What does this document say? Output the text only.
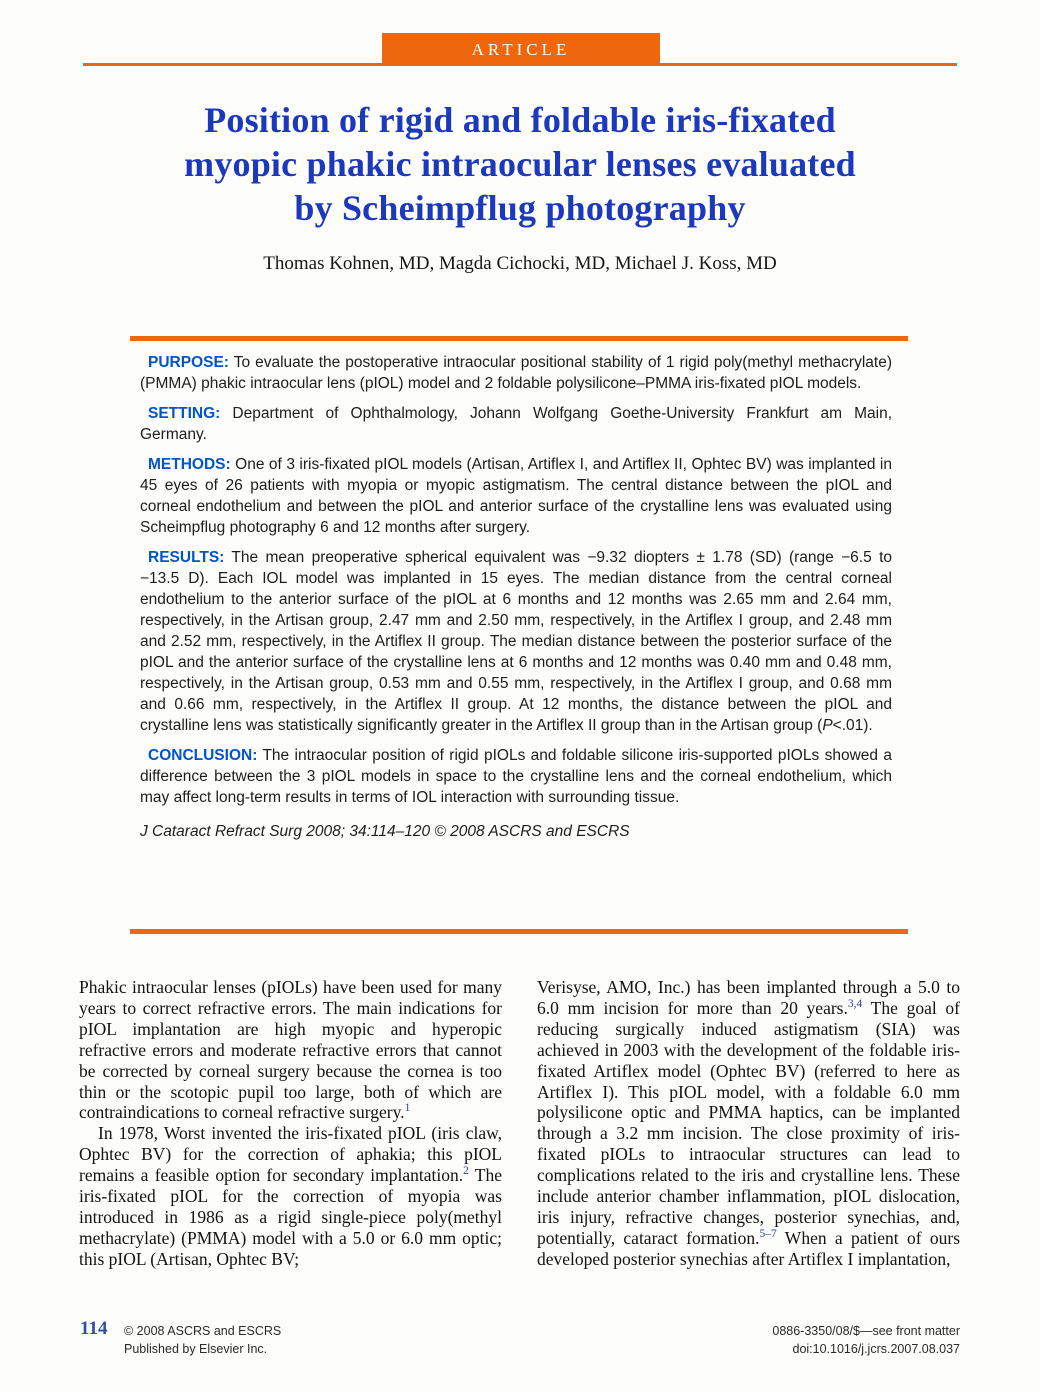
ARTICLE
Position of rigid and foldable iris-fixated
myopic phakic intraocular lenses evaluated
by Scheimpflug photography
Thomas Kohnen, MD, Magda Cichocki, MD, Michael J. Koss, MD

PURPOSE: To evaluate the postoperative intraocular positional stability of 1 rigid poly(methyl methacrylate) (PMMA) phakic intraocular lens (pIOL) model and 2 foldable polysilicone–PMMA iris-fixated pIOL models.

SETTING: Department of Ophthalmology, Johann Wolfgang Goethe-University Frankfurt am Main, Germany.

METHODS: One of 3 iris-fixated pIOL models (Artisan, Artiflex I, and Artiflex II, Ophtec BV) was implanted in 45 eyes of 26 patients with myopia or myopic astigmatism. The central distance between the pIOL and corneal endothelium and between the pIOL and anterior surface of the crystalline lens was evaluated using Scheimpflug photography 6 and 12 months after surgery.

RESULTS: The mean preoperative spherical equivalent was −9.32 diopters ± 1.78 (SD) (range −6.5 to −13.5 D). Each IOL model was implanted in 15 eyes. The median distance from the central corneal endothelium to the anterior surface of the pIOL at 6 months and 12 months was 2.65 mm and 2.64 mm, respectively, in the Artisan group, 2.47 mm and 2.50 mm, respectively, in the Artiflex I group, and 2.48 mm and 2.52 mm, respectively, in the Artiflex II group. The median distance between the posterior surface of the pIOL and the anterior surface of the crystalline lens at 6 months and 12 months was 0.40 mm and 0.48 mm, respectively, in the Artisan group, 0.53 mm and 0.55 mm, respectively, in the Artiflex I group, and 0.68 mm and 0.66 mm, respectively, in the Artiflex II group. At 12 months, the distance between the pIOL and crystalline lens was statistically significantly greater in the Artiflex II group than in the Artisan group (P<.01).

CONCLUSION: The intraocular position of rigid pIOLs and foldable silicone iris-supported pIOLs showed a difference between the 3 pIOL models in space to the crystalline lens and the corneal endothelium, which may affect long-term results in terms of IOL interaction with surrounding tissue.

J Cataract Refract Surg 2008; 34:114–120 © 2008 ASCRS and ESCRS

Phakic intraocular lenses (pIOLs) have been used for many years to correct refractive errors. The main indications for pIOL implantation are high myopic and hyperopic refractive errors and moderate refractive errors that cannot be corrected by corneal surgery because the cornea is too thin or the scotopic pupil too large, both of which are contraindications to corneal refractive surgery.$^1$

In 1978, Worst invented the iris-fixated pIOL (iris claw, Ophtec BV) for the correction of aphakia; this pIOL remains a feasible option for secondary implantation.$^2$ The iris-fixated pIOL for the correction of myopia was introduced in 1986 as a rigid single-piece poly(methyl methacrylate) (PMMA) model with a 5.0 or 6.0 mm optic; this pIOL (Artisan, Ophtec BV;

Verisyse, AMO, Inc.) has been implanted through a 5.0 to 6.0 mm incision for more than 20 years.$^{3,4}$ The goal of reducing surgically induced astigmatism (SIA) was achieved in 2003 with the development of the foldable iris-fixated Artiflex model (Ophtec BV) (referred to here as Artiflex I). This pIOL model, with a foldable 6.0 mm polysilicone optic and PMMA haptics, can be implanted through a 3.2 mm incision. The close proximity of iris-fixated pIOLs to intraocular structures can lead to complications related to the iris and crystalline lens. These include anterior chamber inflammation, pIOL dislocation, iris injury, refractive changes, posterior synechias, and, potentially, cataract formation.$^{5-7}$ When a patient of ours developed posterior synechias after Artiflex I implantation,

114 © 2008 ASCRS and ESCRS
Published by Elsevier Inc.
0886-3350/08/$—see front matter
doi:10.1016/j.jcrs.2007.08.037
